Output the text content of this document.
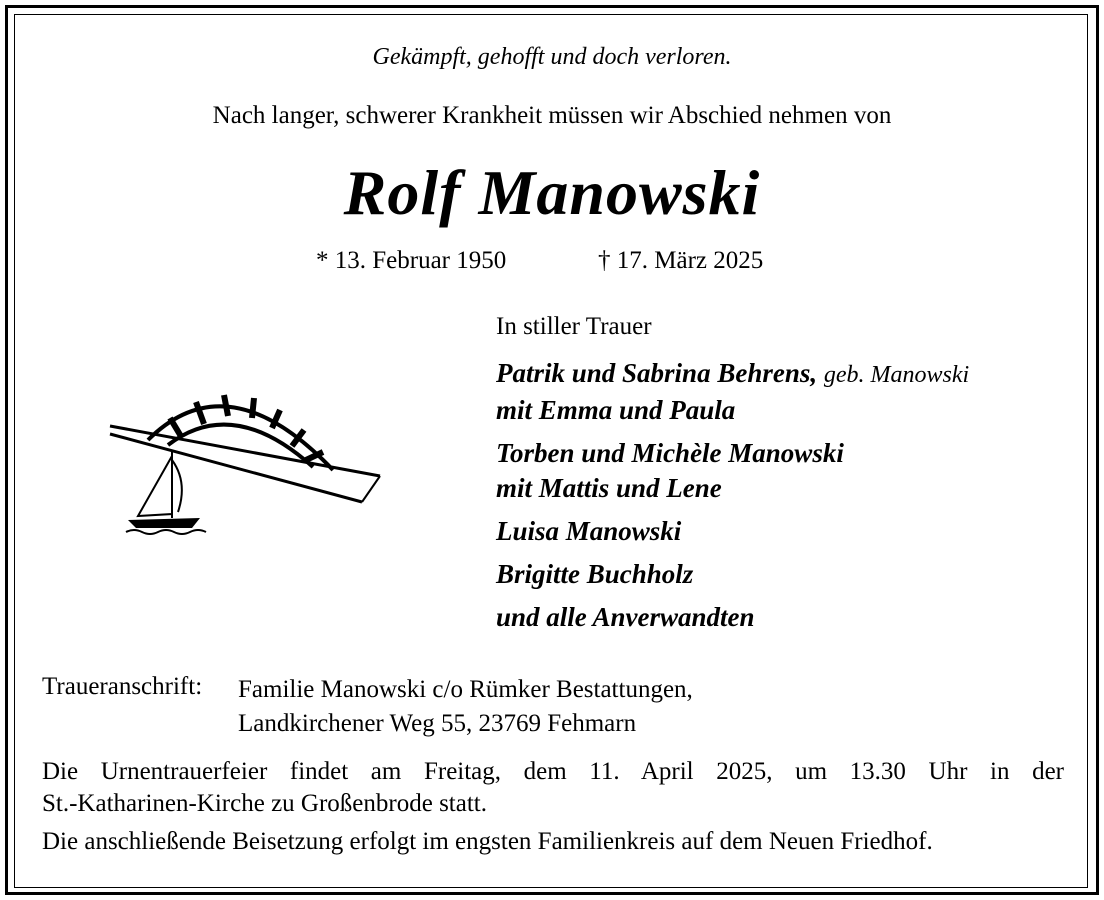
Gekämpft, gehofft und doch verloren.
Nach langer, schwerer Krankheit müssen wir Abschied nehmen von
Rolf Manowski
* 13. Februar 1950	† 17. März 2025
In stiller Trauer
Patrik und Sabrina Behrens, geb. Manowski
mit Emma und Paula
Torben und Michèle Manowski
mit Mattis und Lene
Luisa Manowski
Brigitte Buchholz
und alle Anverwandten
Traueranschrift: Familie Manowski c/o Rümker Bestattungen,
Landkirchener Weg 55, 23769 Fehmarn
Die Urnentrauerfeier findet am Freitag, dem 11. April 2025, um 13.30 Uhr in der
St.-Katharinen-Kirche zu Großenbrode statt.
Die anschließende Beisetzung erfolgt im engsten Familienkreis auf dem Neuen Friedhof.
